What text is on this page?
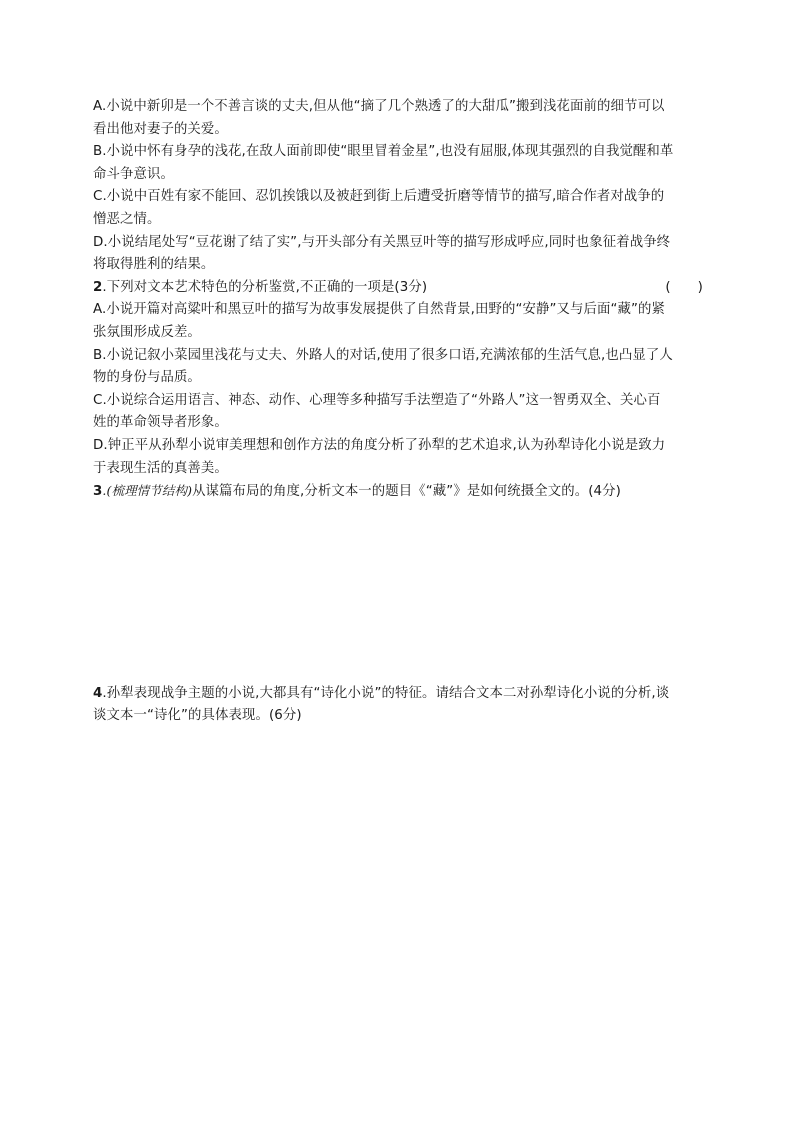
A.小说中新卯是一个不善言谈的丈夫,但从他“摘了几个熟透了的大甜瓜”搬到浅花面前的细节可以
看出他对妻子的关爱。
B.小说中怀有身孕的浅花,在敌人面前即使“眼里冒着金星”,也没有屈服,体现其强烈的自我觉醒和革
命斗争意识。
C.小说中百姓有家不能回、忍饥挨饿以及被赶到街上后遭受折磨等情节的描写,暗合作者对战争的
憎恶之情。
D.小说结尾处写“豆花谢了结了实”,与开头部分有关黑豆叶等的描写形成呼应,同时也象征着战争终
将取得胜利的结果。
2.下列对文本艺术特色的分析鉴赏,不正确的一项是(3分)	(　　)
A.小说开篇对高粱叶和黑豆叶的描写为故事发展提供了自然背景,田野的“安静”又与后面“藏”的紧
张氛围形成反差。
B.小说记叙小菜园里浅花与丈夫、外路人的对话,使用了很多口语,充满浓郁的生活气息,也凸显了人
物的身份与品质。
C.小说综合运用语言、神态、动作、心理等多种描写手法塑造了“外路人”这一智勇双全、关心百
姓的革命领导者形象。
D.钟正平从孙犁小说审美理想和创作方法的角度分析了孙犁的艺术追求,认为孙犁诗化小说是致力
于表现生活的真善美。
3.(梳理情节结构)从谋篇布局的角度,分析文本一的题目《“藏”》是如何统摄全文的。(4分)
4.孙犁表现战争主题的小说,大都具有“诗化小说”的特征。请结合文本二对孙犁诗化小说的分析,谈
谈文本一“诗化”的具体表现。(6分)
